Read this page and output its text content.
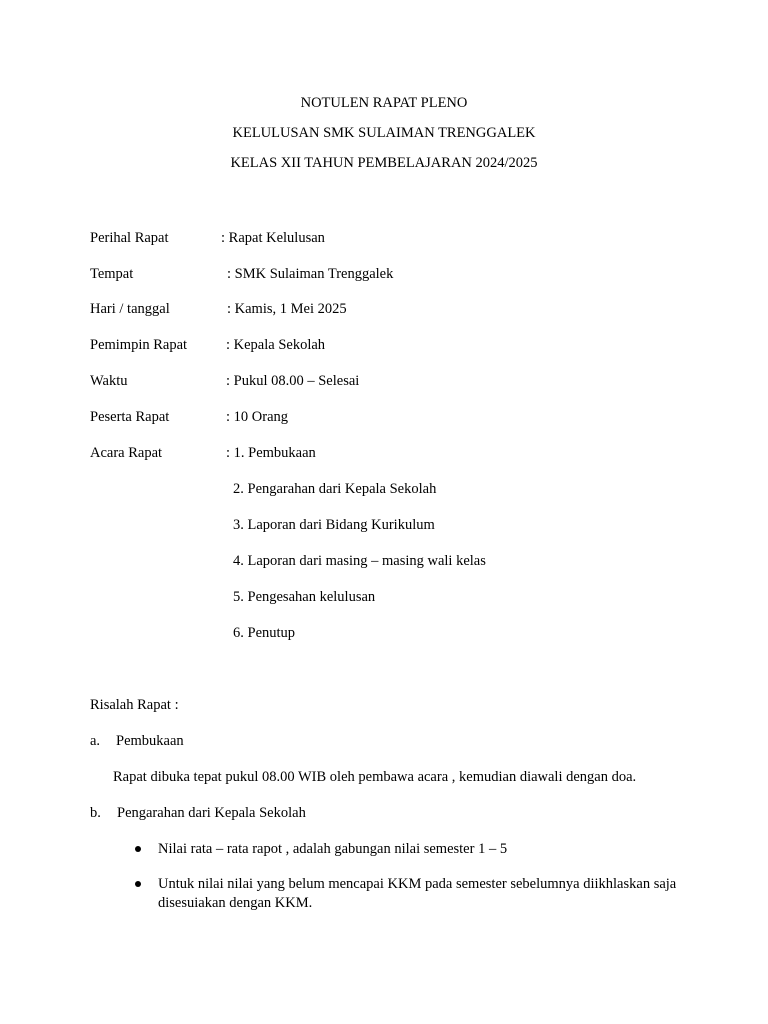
NOTULEN RAPAT PLENO
KELULUSAN SMK SULAIMAN TRENGGALEK
KELAS XII TAHUN PEMBELAJARAN 2024/2025
Perihal Rapat	: Rapat Kelulusan
Tempat	: SMK Sulaiman Trenggalek
Hari / tanggal	: Kamis, 1 Mei 2025
Pemimpin Rapat	: Kepala Sekolah
Waktu	: Pukul 08.00 – Selesai
Peserta Rapat	: 10 Orang
Acara Rapat	: 1. Pembukaan
2. Pengarahan dari Kepala Sekolah
3. Laporan dari Bidang Kurikulum
4. Laporan dari masing – masing wali kelas
5. Pengesahan kelulusan
6. Penutup
Risalah Rapat :
a. Pembukaan
Rapat dibuka tepat pukul 08.00 WIB oleh pembawa acara , kemudian diawali dengan doa.
b. Pengarahan dari Kepala Sekolah
Nilai rata – rata rapot , adalah gabungan nilai semester 1 – 5
Untuk nilai nilai yang belum mencapai KKM pada semester sebelumnya diikhlaskan saja disesuiakan dengan KKM.
